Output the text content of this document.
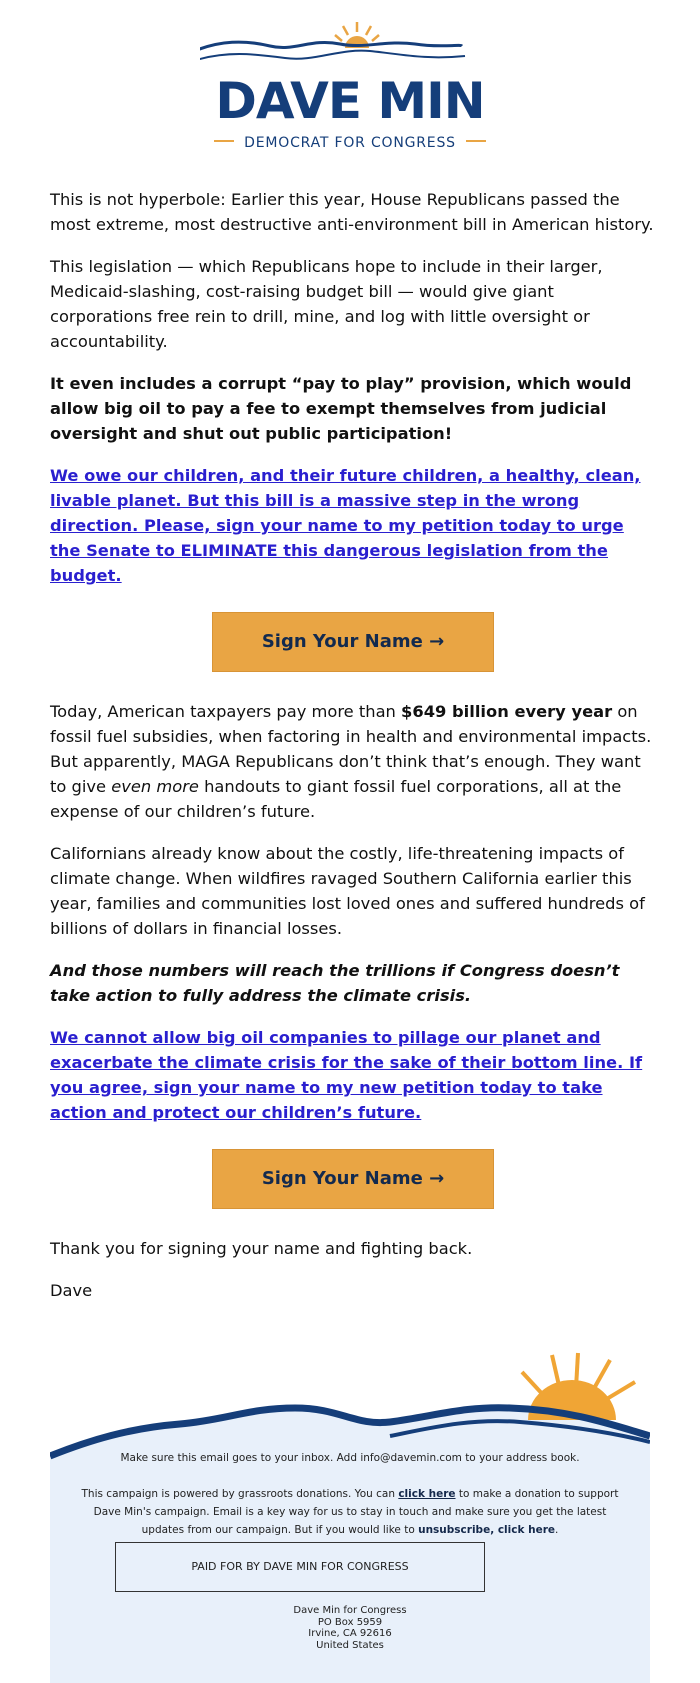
DAVE MIN
DEMOCRAT FOR CONGRESS

This is not hyperbole: Earlier this year, House Republicans passed the most extreme, most destructive anti-environment bill in American history.

This legislation — which Republicans hope to include in their larger, Medicaid-slashing, cost-raising budget bill — would give giant corporations free rein to drill, mine, and log with little oversight or accountability.

It even includes a corrupt “pay to play” provision, which would allow big oil to pay a fee to exempt themselves from judicial oversight and shut out public participation!

We owe our children, and their future children, a healthy, clean, livable planet. But this bill is a massive step in the wrong direction. Please, sign your name to my petition today to urge the Senate to ELIMINATE this dangerous legislation from the budget.

Sign Your Name →

Today, American taxpayers pay more than $649 billion every year on fossil fuel subsidies, when factoring in health and environmental impacts. But apparently, MAGA Republicans don’t think that’s enough. They want to give even more handouts to giant fossil fuel corporations, all at the expense of our children’s future.

Californians already know about the costly, life-threatening impacts of climate change. When wildfires ravaged Southern California earlier this year, families and communities lost loved ones and suffered hundreds of billions of dollars in financial losses.

And those numbers will reach the trillions if Congress doesn’t take action to fully address the climate crisis.

We cannot allow big oil companies to pillage our planet and exacerbate the climate crisis for the sake of their bottom line. If you agree, sign your name to my new petition today to take action and protect our children’s future.

Sign Your Name →

Thank you for signing your name and fighting back.

Dave

Make sure this email goes to your inbox. Add info@davemin.com to your address book.
This campaign is powered by grassroots donations. You can click here to make a donation to support Dave Min's campaign. Email is a key way for us to stay in touch and make sure you get the latest updates from our campaign. But if you would like to unsubscribe, click here.
PAID FOR BY DAVE MIN FOR CONGRESS
Dave Min for Congress
PO Box 5959
Irvine, CA 92616
United States
